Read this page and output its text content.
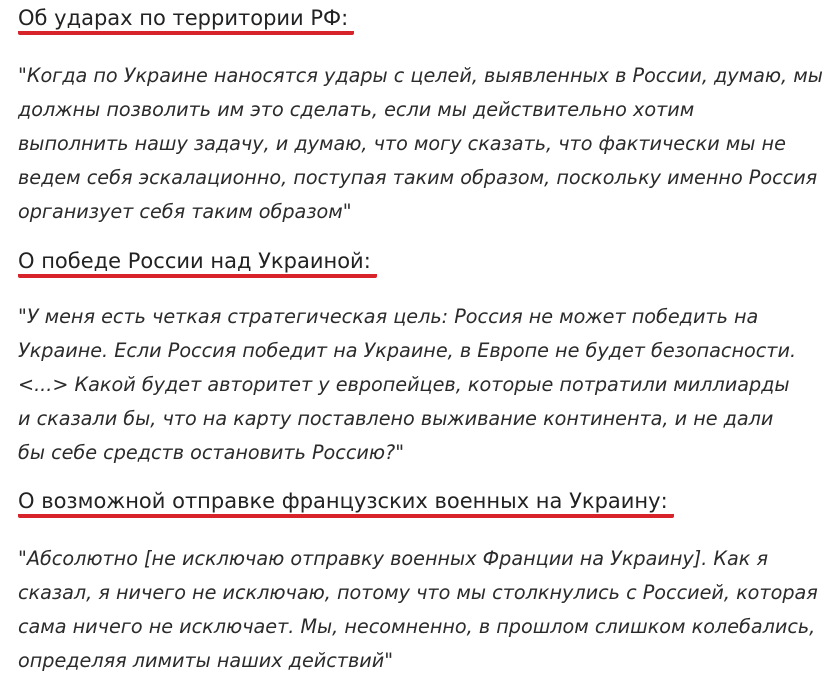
Об ударах по территории РФ:

"Когда по Украине наносятся удары с целей, выявленных в России, думаю, мы
должны позволить им это сделать, если мы действительно хотим
выполнить нашу задачу, и думаю, что могу сказать, что фактически мы не
ведем себя эскалационно, поступая таким образом, поскольку именно Россия
организует себя таким образом"

О победе России над Украиной:

"У меня есть четкая стратегическая цель: Россия не может победить на
Украине. Если Россия победит на Украине, в Европе не будет безопасности.
<...> Какой будет авторитет у европейцев, которые потратили миллиарды
и сказали бы, что на карту поставлено выживание континента, и не дали
бы себе средств остановить Россию?"

О возможной отправке французских военных на Украину:

"Абсолютно [не исключаю отправку военных Франции на Украину]. Как я
сказал, я ничего не исключаю, потому что мы столкнулись с Россией, которая
сама ничего не исключает. Мы, несомненно, в прошлом слишком колебались,
определяя лимиты наших действий"
